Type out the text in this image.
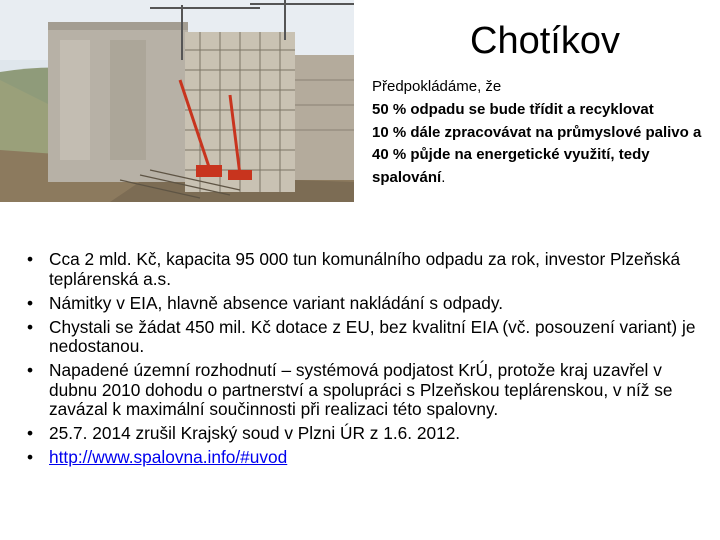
Chotíkov
Předpokládáme, že
50 % odpadu se bude třídit a recyklovat
10 % dále zpracovávat na průmyslové palivo a
40 % půjde na energetické využití, tedy spalování.
• Cca 2 mld. Kč, kapacita 95 000 tun komunálního odpadu za rok, investor Plzeňská teplárenská a.s.
• Námitky v EIA, hlavně absence variant nakládání s odpady.
• Chystali se žádat 450 mil. Kč dotace z EU, bez kvalitní EIA (vč. posouzení variant) je nedostanou.
• Napadené územní rozhodnutí – systémová podjatost KrÚ, protože kraj uzavřel v dubnu 2010 dohodu o partnerství a spolupráci s Plzeňskou teplárenskou, v níž se zavázal k maximální součinnosti při realizaci této spalovny.
• 25.7. 2014 zrušil Krajský soud v Plzni ÚR z 1.6. 2012.
• http://www.spalovna.info/#uvod
